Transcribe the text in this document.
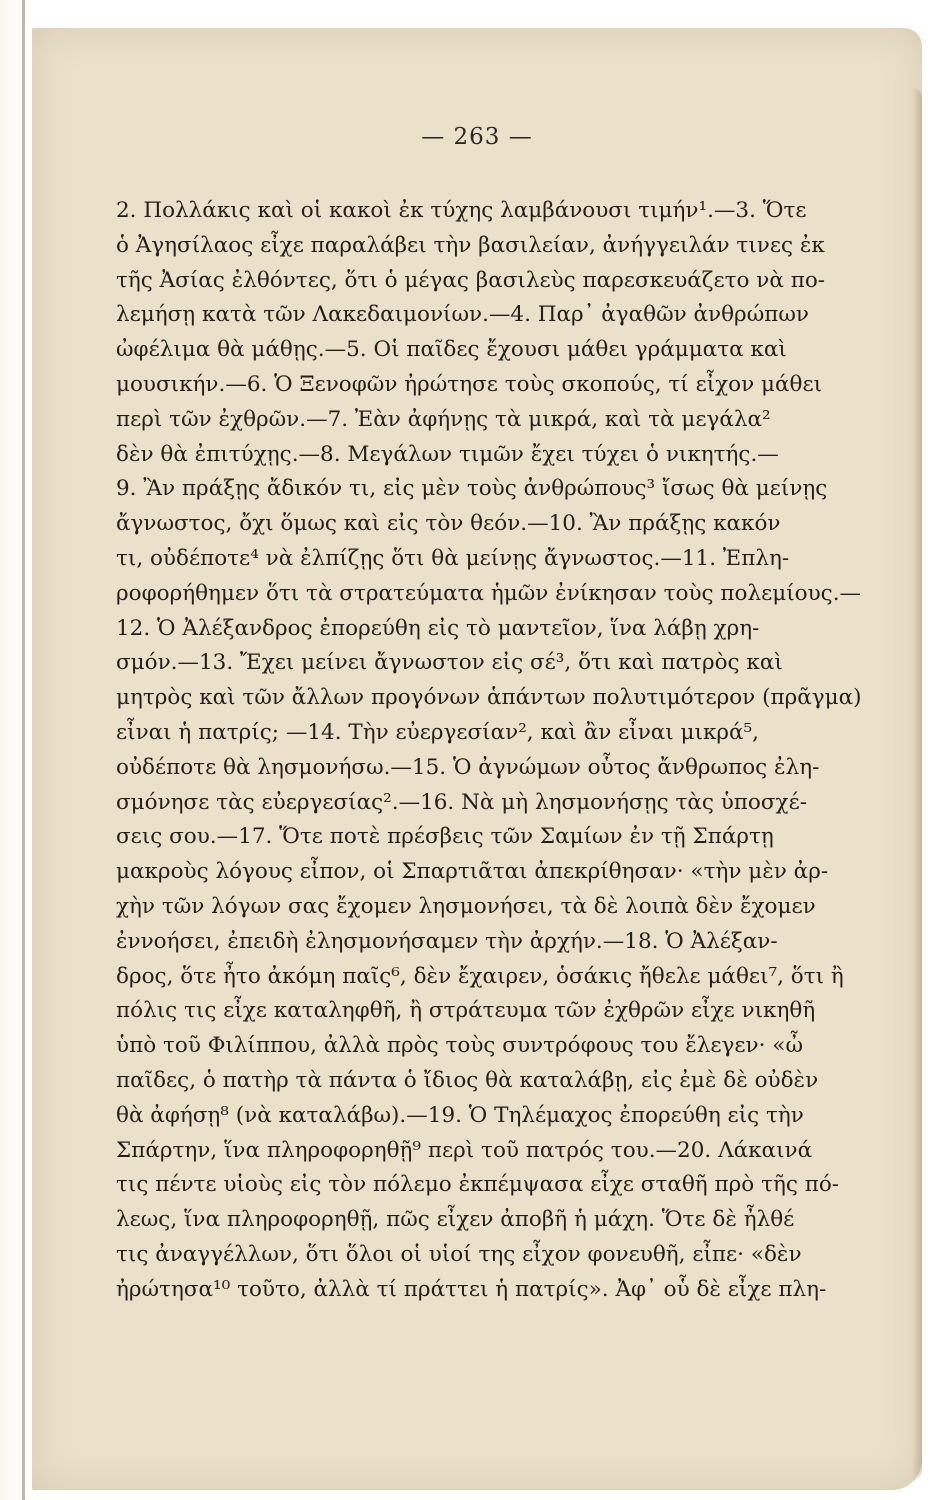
— 263 —

2. Πολλάκις καὶ οἱ κακοὶ ἐκ τύχης λαμβάνουσι τιμήν¹.—3. Ὅτε
ὁ Ἀγησίλαος εἶχε παραλάβει τὴν βασιλείαν, ἀνήγγειλάν τινες ἐκ
τῆς Ἀσίας ἐλθόντες, ὅτι ὁ μέγας βασιλεὺς παρεσκευάζετο νὰ πο-
λεμήσῃ κατὰ τῶν Λακεδαιμονίων.—4. Παρ᾽ ἀγαθῶν ἀνθρώπων
ὠφέλιμα θὰ μάθῃς.—5. Οἱ παῖδες ἔχουσι μάθει γράμματα καὶ
μουσικήν.—6. Ὁ Ξενοφῶν ἠρώτησε τοὺς σκοπούς, τί εἶχον μάθει
περὶ τῶν ἐχθρῶν.—7. Ἐὰν ἀφήνῃς τὰ μικρά, καὶ τὰ μεγάλα²
δὲν θὰ ἐπιτύχῃς.—8. Μεγάλων τιμῶν ἔχει τύχει ὁ νικητής.—
9. Ἂν πράξῃς ἄδικόν τι, εἰς μὲν τοὺς ἀνθρώπους³ ἴσως θὰ μείνῃς
ἄγνωστος, ὄχι ὅμως καὶ εἰς τὸν θεόν.—10. Ἂν πράξῃς κακόν
τι, οὐδέποτε⁴ νὰ ἐλπίζῃς ὅτι θὰ μείνῃς ἄγνωστος.—11. Ἐπλη-
ροφορήθημεν ὅτι τὰ στρατεύματα ἡμῶν ἐνίκησαν τοὺς πολεμίους.—
12. Ὁ Ἀλέξανδρος ἐπορεύθη εἰς τὸ μαντεῖον, ἵνα λάβῃ χρη-
σμόν.—13. Ἔχει μείνει ἄγνωστον εἰς σέ³, ὅτι καὶ πατρὸς καὶ
μητρὸς καὶ τῶν ἄλλων προγόνων ἁπάντων πολυτιμότερον (πρᾶγμα)
εἶναι ἡ πατρίς; —14. Τὴν εὐεργεσίαν², καὶ ἂν εἶναι μικρά⁵,
οὐδέποτε θὰ λησμονήσω.—15. Ὁ ἀγνώμων οὗτος ἄνθρωπος ἐλη-
σμόνησε τὰς εὐεργεσίας².—16. Νὰ μὴ λησμονήσῃς τὰς ὑποσχέ-
σεις σου.—17. Ὅτε ποτὲ πρέσβεις τῶν Σαμίων ἐν τῇ Σπάρτῃ
μακροὺς λόγους εἶπον, οἱ Σπαρτιᾶται ἀπεκρίθησαν· «τὴν μὲν ἀρ-
χὴν τῶν λόγων σας ἔχομεν λησμονήσει, τὰ δὲ λοιπὰ δὲν ἔχομεν
ἐννοήσει, ἐπειδὴ ἐλησμονήσαμεν τὴν ἀρχήν.—18. Ὁ Ἀλέξαν-
δρος, ὅτε ἦτο ἀκόμη παῖς⁶, δὲν ἔχαιρεν, ὁσάκις ἤθελε μάθει⁷, ὅτι ἢ
πόλις τις εἶχε καταληφθῆ, ἢ στράτευμα τῶν ἐχθρῶν εἶχε νικηθῆ
ὑπὸ τοῦ Φιλίππου, ἀλλὰ πρὸς τοὺς συντρόφους του ἔλεγεν· «ὦ
παῖδες, ὁ πατὴρ τὰ πάντα ὁ ἴδιος θὰ καταλάβῃ, εἰς ἐμὲ δὲ οὐδὲν
θὰ ἀφήσῃ⁸ (νὰ καταλάβω).—19. Ὁ Τηλέμαχος ἐπορεύθη εἰς τὴν
Σπάρτην, ἵνα πληροφορηθῇ⁹ περὶ τοῦ πατρός του.—20. Λάκαινά
τις πέντε υἱοὺς εἰς τὸν πόλεμο ἐκπέμψασα εἶχε σταθῆ πρὸ τῆς πό-
λεως, ἵνα πληροφορηθῇ, πῶς εἶχεν ἀποβῆ ἡ μάχη. Ὅτε δὲ ἦλθέ
τις ἀναγγέλλων, ὅτι ὅλοι οἱ υἱοί της εἶχον φονευθῆ, εἶπε· «δὲν
ἠρώτησα¹⁰ τοῦτο, ἀλλὰ τί πράττει ἡ πατρίς». Ἀφ᾽ οὗ δὲ εἶχε πλη-
